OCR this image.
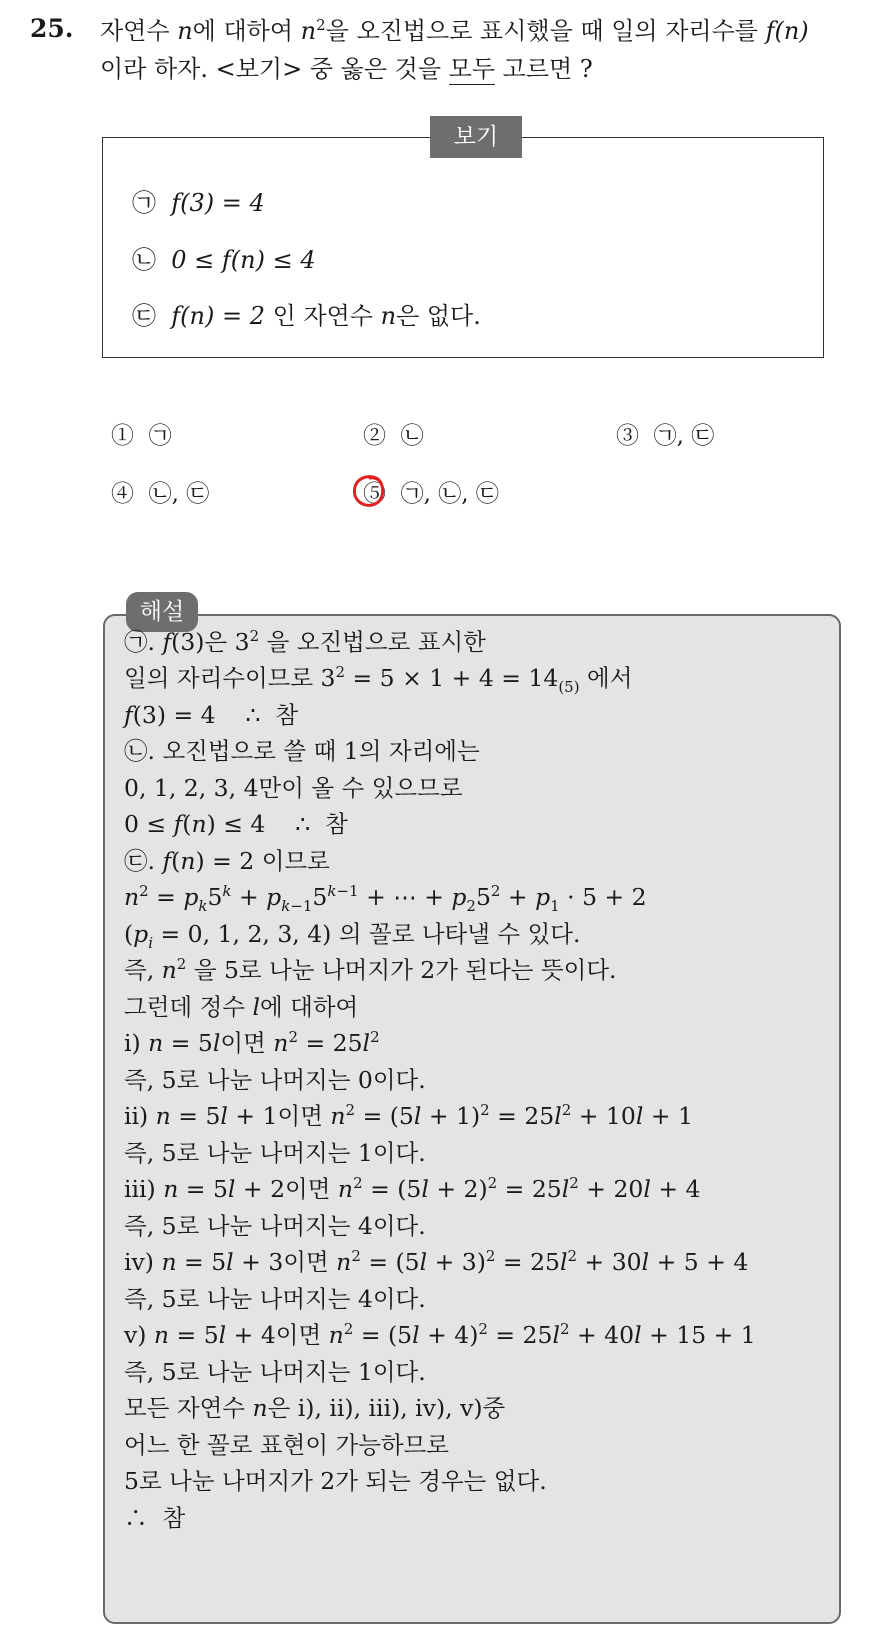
25. 자연수 n에 대하여 $n^2$을 오진법으로 표시했을 때 일의 자리수를 f(n)
이라 하자. <보기> 중 옳은 것을 모두 고르면 ?
보기
㉠ f(3) = 4
㉡ 0 ≤ f(n) ≤ 4
㉢ f(n) = 2 인 자연수 n은 없다.
① ㉠	② ㉡	③ ㉠, ㉢
④ ㉡, ㉢	⑤ ㉠, ㉡, ㉢
해설
㉠. f(3)은 $3^2$ 을 오진법으로 표시한
일의 자리수이므로 $3^2 = 5 \times 1 + 4 = 14_{(5)}$ 에서
f(3) = 4    ∴  참
㉡. 오진법으로 쓸 때 1의 자리에는
0, 1, 2, 3, 4만이 올 수 있으므로
0 ≤ f(n) ≤ 4    ∴  참
㉢. f(n) = 2 이므로
$n^2 = p_k5^k + p_{k-1}5^{k-1}$ + ⋯ + $p_25^2 + p_1 \cdot 5 + 2$
($p_i = 0$, 1, 2, 3, 4) 의 꼴로 나타낼 수 있다.
즉, $n^2$ 을 5로 나눈 나머지가 2가 된다는 뜻이다.
그런데 정수 l에 대하여
ⅰ) n = 5l이면 $n^2 = 25l^2$
즉, 5로 나눈 나머지는 0이다.
ⅱ) n = 5l + 1이면 $n^2 = (5l + 1)^2 = 25l^2 + 10l + 1$
즉, 5로 나눈 나머지는 1이다.
ⅲ) n = 5l + 2이면 $n^2 = (5l + 2)^2 = 25l^2 + 20l + 4$
즉, 5로 나눈 나머지는 4이다.
ⅳ) n = 5l + 3이면 $n^2 = (5l + 3)^2 = 25l^2 + 30l + 5 + 4$
즉, 5로 나눈 나머지는 4이다.
ⅴ) n = 5l + 4이면 $n^2 = (5l + 4)^2 = 25l^2 + 40l + 15 + 1$
즉, 5로 나눈 나머지는 1이다.
모든 자연수 n은 ⅰ), ⅱ), ⅲ), ⅳ), ⅴ)중
어느 한 꼴로 표현이 가능하므로
5로 나눈 나머지가 2가 되는 경우는 없다.
∴  참
